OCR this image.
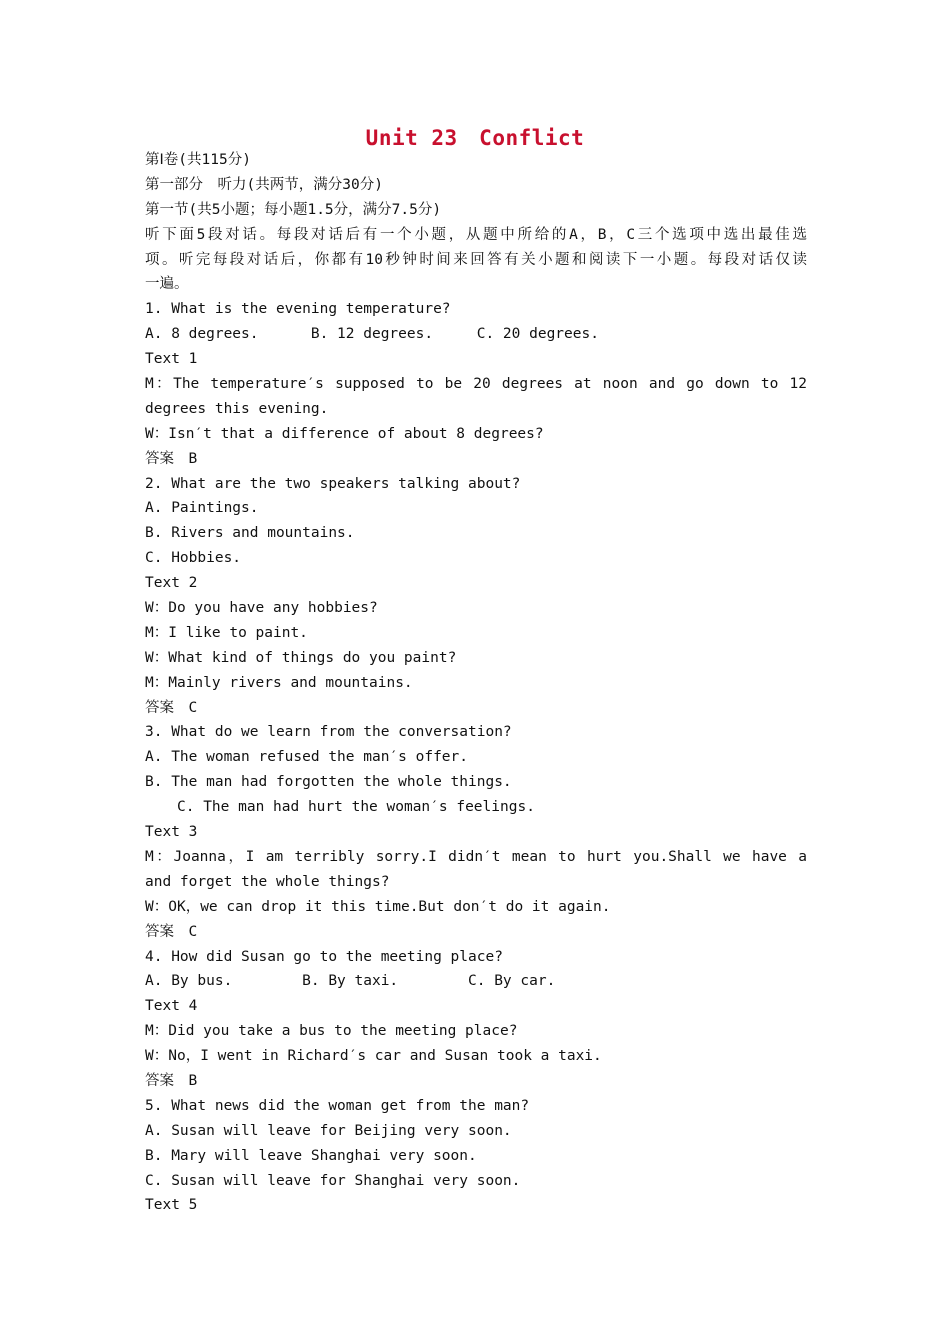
Unit 23　Conflict

第Ⅰ卷(共115分)

第一部分　听力(共两节，满分30分)

第一节(共5小题；每小题1.5分，满分7.5分)

听下面5段对话。每段对话后有一个小题，从题中所给的A，B，C三个选项中选出最佳选
项。听完每段对话后，你都有10秒钟时间来回答有关小题和阅读下一小题。每段对话仅读
一遍。

1. What is the evening temperature?

A. 8 degrees.      B. 12 degrees.     C. 20 degrees.

Text 1

M：The temperature′s supposed to be 20 degrees at noon and go down to 12
degrees this evening.

W：Isn′t that a difference of about 8 degrees?

答案　B

2. What are the two speakers talking about?

A. Paintings.

B. Rivers and mountains.

C. Hobbies.

Text 2

W：Do you have any hobbies?

M：I like to paint.

W：What kind of things do you paint?

M：Mainly rivers and mountains.

答案　C

3. What do we learn from the conversation?

A. The woman refused the man′s offer.

B. The man had forgotten the whole things.

C. The man had hurt the woman′s feelings.

Text 3

M：Joanna，I am terribly sorry.I didn′t mean to hurt you.Shall we have a
and forget the whole things?

W：OK，we can drop it this time.But don′t do it again.

答案　C

4. How did Susan go to the meeting place?

A. By bus.        B. By taxi.        C. By car.

Text 4

M：Did you take a bus to the meeting place?

W：No，I went in Richard′s car and Susan took a taxi.

答案　B

5. What news did the woman get from the man?

A. Susan will leave for Beijing very soon.

B. Mary will leave Shanghai very soon.

C. Susan will leave for Shanghai very soon.

Text 5
